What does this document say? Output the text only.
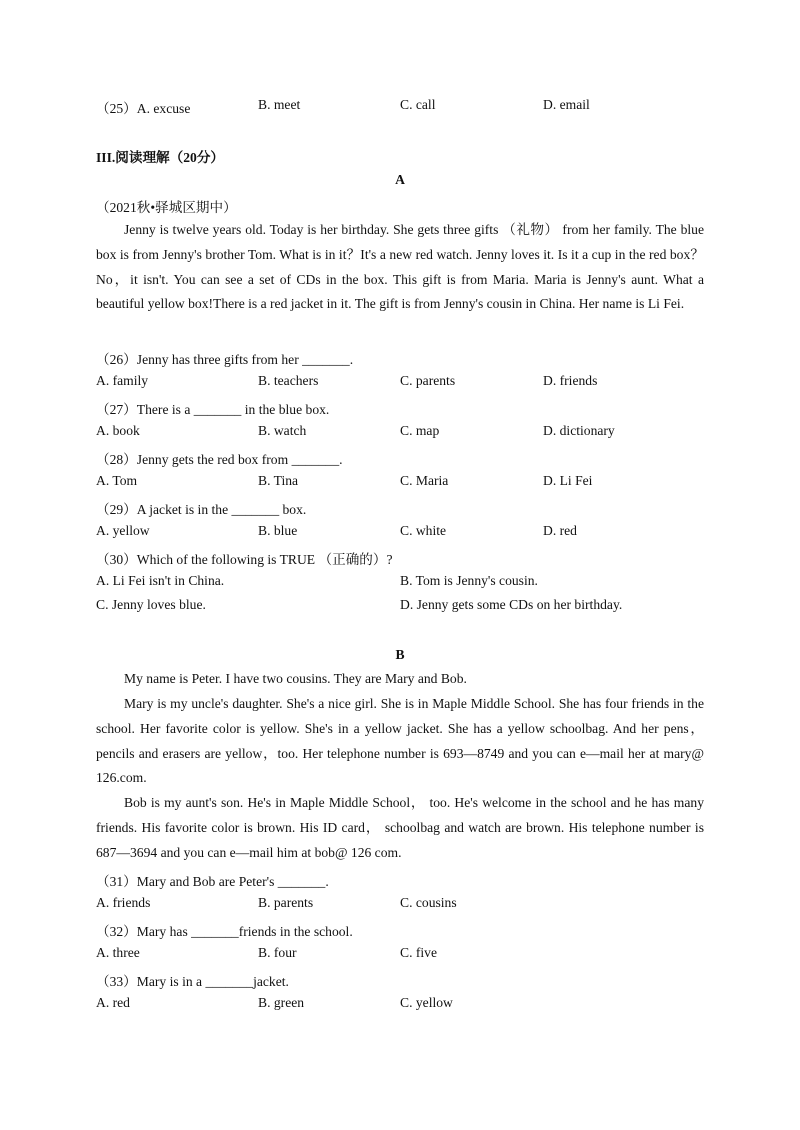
（25）A. excuse	B. meet	C. call	D. email
III.阅读理解（20分）
A
（2021秋•驿城区期中）
Jenny is twelve years old. Today is her birthday. She gets three gifts （礼物） from her family. The blue box is from Jenny's brother Tom. What is in it？It's a new red watch. Jenny loves it. Is it a cup in the red box？No，it isn't. You can see a set of CDs in the box. This gift is from Maria. Maria is Jenny's aunt. What a beautiful yellow box!There is a red jacket in it. The gift is from Jenny's cousin in China. Her name is Li Fei.
（26）Jenny has three gifts from her _______.
A. family	B. teachers	C. parents	D. friends
（27）There is a _______ in the blue box.
A. book	B. watch	C. map	D. dictionary
（28）Jenny gets the red box from _______.
A. Tom	B. Tina	C. Maria	D. Li Fei
（29）A jacket is in the _______ box.
A. yellow	B. blue	C. white	D. red
（30）Which of the following is TRUE （正确的）?
A. Li Fei isn't in China.	B. Tom is Jenny's cousin.
C. Jenny loves blue.	D. Jenny gets some CDs on her birthday.
B
My name is Peter. I have two cousins. They are Mary and Bob.
Mary is my uncle's daughter. She's a nice girl. She is in Maple Middle School. She has four friends in the school. Her favorite color is yellow. She's in a yellow jacket. She has a yellow schoolbag. And her pens，pencils and erasers are yellow，too. Her telephone number is 693—8749 and you can e—mail her at mary@ 126.com.
Bob is my aunt's son. He's in Maple Middle School， too. He's welcome in the school and he has many friends. His favorite color is brown. His ID card， schoolbag and watch are brown. His telephone number is 687—3694 and you can e—mail him at bob@ 126 com.
（31）Mary and Bob are Peter's _______.
A. friends	B. parents	C. cousins
（32）Mary has _______friends in the school.
A. three	B. four	C. five
（33）Mary is in a _______jacket.
A. red	B. green	C. yellow
